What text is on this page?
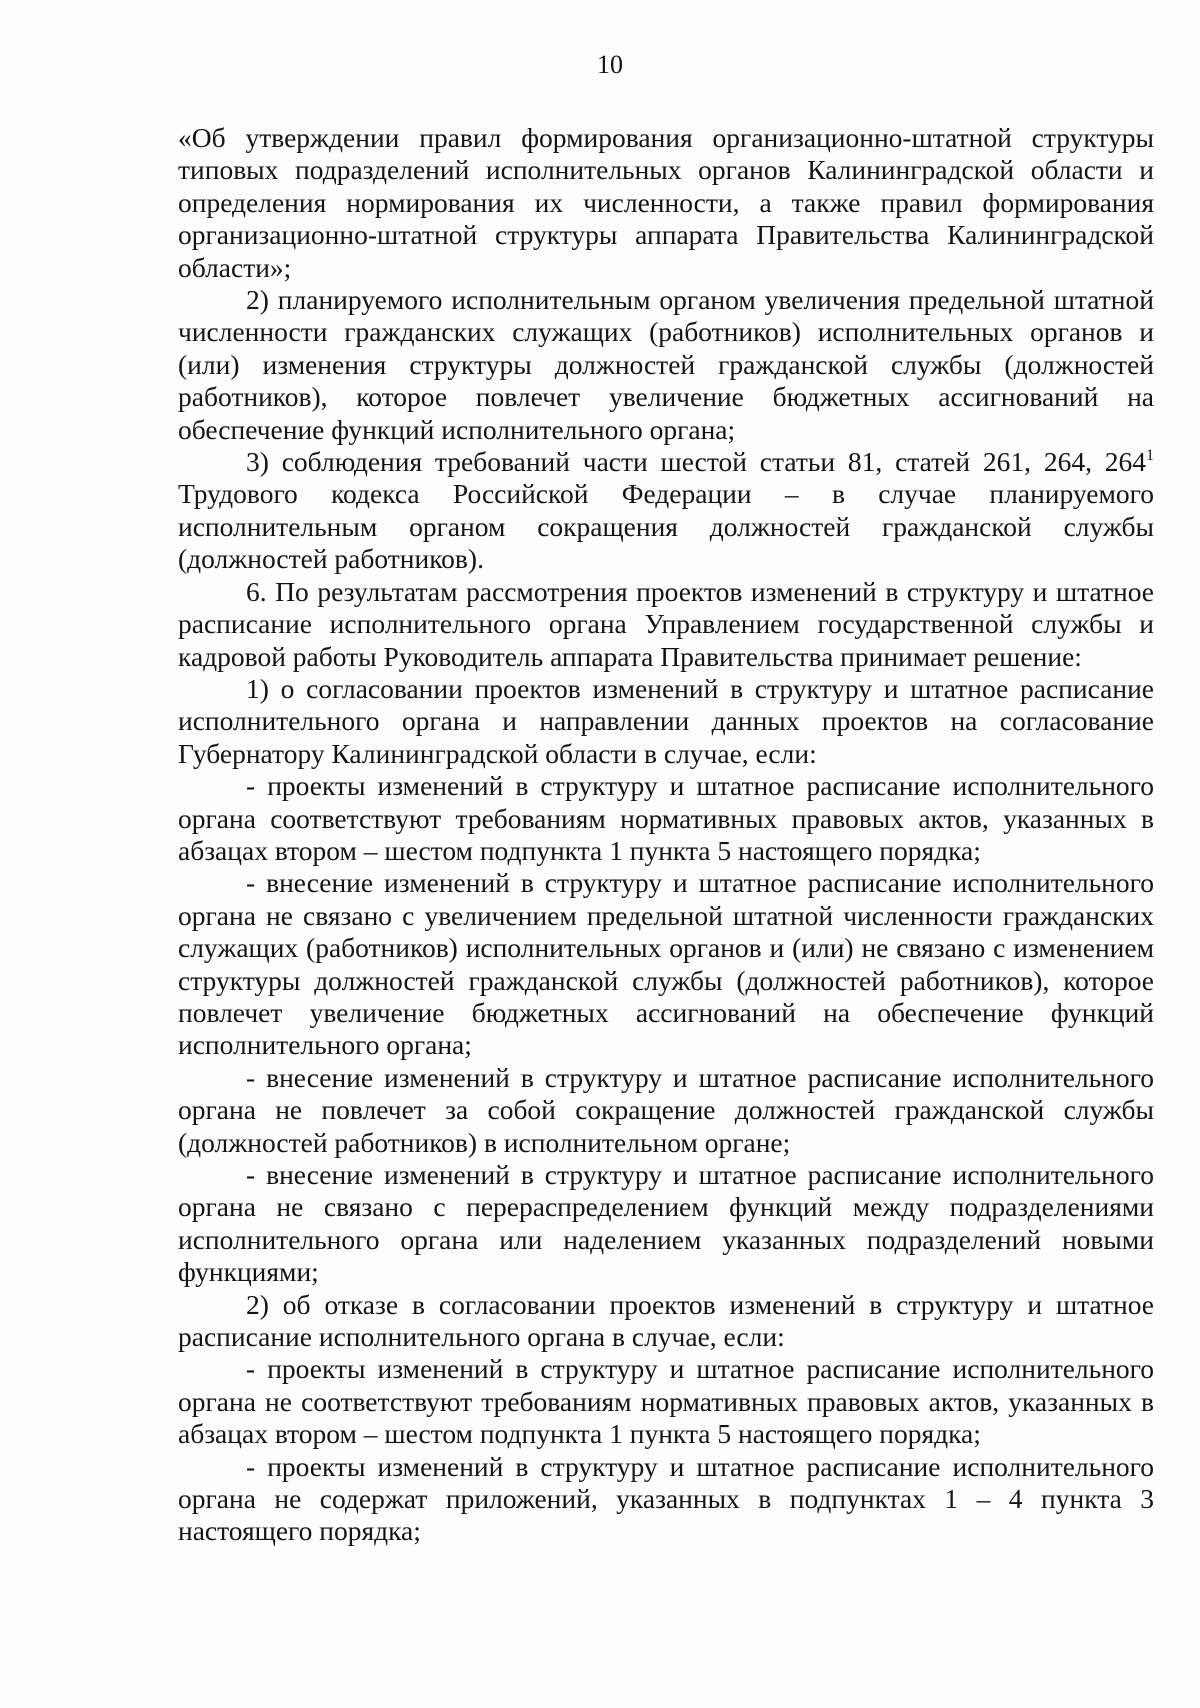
10

«Об утверждении правил формирования организационно-штатной структуры типовых подразделений исполнительных органов Калининградской области и определения нормирования их численности, а также правил формирования организационно-штатной структуры аппарата Правительства Калининградской области»;

2) планируемого исполнительным органом увеличения предельной штатной численности гражданских служащих (работников) исполнительных органов и (или) изменения структуры должностей гражданской службы (должностей работников), которое повлечет увеличение бюджетных ассигнований на обеспечение функций исполнительного органа;

3) соблюдения требований части шестой статьи 81, статей 261, 264, $264^1$ Трудового кодекса Российской Федерации – в случае планируемого исполнительным органом сокращения должностей гражданской службы (должностей работников).

6. По результатам рассмотрения проектов изменений в структуру и штатное расписание исполнительного органа Управлением государственной службы и кадровой работы Руководитель аппарата Правительства принимает решение:

1) о согласовании проектов изменений в структуру и штатное расписание исполнительного органа и направлении данных проектов на согласование Губернатору Калининградской области в случае, если:

- проекты изменений в структуру и штатное расписание исполнительного органа соответствуют требованиям нормативных правовых актов, указанных в абзацах втором – шестом подпункта 1 пункта 5 настоящего порядка;

- внесение изменений в структуру и штатное расписание исполнительного органа не связано с увеличением предельной штатной численности гражданских служащих (работников) исполнительных органов и (или) не связано с изменением структуры должностей гражданской службы (должностей работников), которое повлечет увеличение бюджетных ассигнований на обеспечение функций исполнительного органа;

- внесение изменений в структуру и штатное расписание исполнительного органа не повлечет за собой сокращение должностей гражданской службы (должностей работников) в исполнительном органе;

- внесение изменений в структуру и штатное расписание исполнительного органа не связано с перераспределением функций между подразделениями исполнительного органа или наделением указанных подразделений новыми функциями;

2) об отказе в согласовании проектов изменений в структуру и штатное расписание исполнительного органа в случае, если:

- проекты изменений в структуру и штатное расписание исполнительного органа не соответствуют требованиям нормативных правовых актов, указанных в абзацах втором – шестом подпункта 1 пункта 5 настоящего порядка;

- проекты изменений в структуру и штатное расписание исполнительного органа не содержат приложений, указанных в подпунктах 1 – 4 пункта 3 настоящего порядка;
